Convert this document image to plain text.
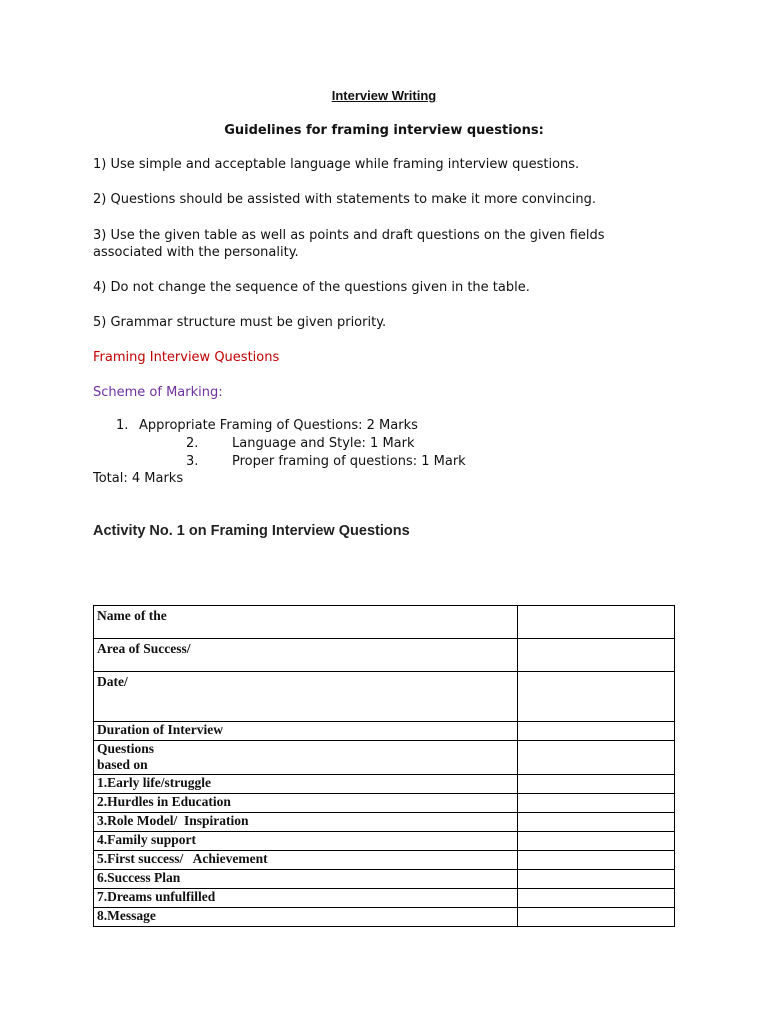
Interview Writing
Guidelines for framing interview questions:
1) Use simple and acceptable language while framing interview questions.
2) Questions should be assisted with statements to make it more convincing.
3) Use the given table as well as points and draft questions on the given fields associated with the personality.
4) Do not change the sequence of the questions given in the table.
5) Grammar structure must be given priority.
Framing Interview Questions
Scheme of Marking:
1. Appropriate Framing of Questions: 2 Marks
2.	Language and Style: 1 Mark
3.	Proper framing of questions: 1 Mark
Total: 4 Marks
Activity No. 1 on Framing Interview Questions
Name of the	
Area of Success/	
Date/	
Duration of Interview	
Questions
based on	
1.Early life/struggle	
2.Hurdles in Education	
3.Role Model/  Inspiration	
4.Family support	
5.First success/   Achievement	
6.Success Plan	
7.Dreams unfulfilled	
8.Message	
